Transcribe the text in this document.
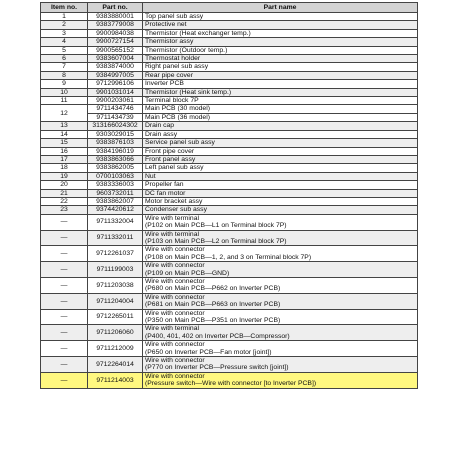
Item no.	Part no.	Part name
1	9383880001	Top panel sub assy

2	9383779008	Protective net

3	9900984038	Thermistor (Heat exchanger temp.)

4	9900727154	Thermistor assy

5	9900565152	Thermistor (Outdoor temp.)

6	9383607004	Thermostat holder

7	9383874000	Right panel sub assy

8	9384997005	Rear pipe cover

9	9712996106	Inverter PCB

10	9901031014	Thermistor (Heat sink temp.)

11	9900203061	Terminal block 7P

12	9711434746	Main PCB (30 model)
	9711434739	Main PCB (36 model)
13	313166024302	Drain cap

14	9303029015	Drain assy

15	9383876103	Service panel sub assy

16	9384196019	Front pipe cover

17	9383863066	Front panel assy

18	9383862005	Left panel sub assy

19	0700103063	Nut

20	9383336003	Propeller fan

21	9603732011	DC fan motor

22	9383862007	Motor bracket assy

23	9374420612	Condenser sub assy

—	9711332004	Wire with terminal
(P102 on Main PCB—L1 on Terminal block 7P)

—	9711332011	Wire with terminal
(P103 on Main PCB—L2 on Terminal block 7P)

—	9712261037	Wire with connector
(P108 on Main PCB—1, 2, and 3 on Terminal block 7P)

—	9711199003	Wire with connector
(P109 on Main PCB—GND)

—	9711203038	Wire with connector
(P680 on Main PCB—P662 on Inverter PCB)

—	9711204004	Wire with connector
(P681 on Main PCB—P663 on Inverter PCB)

—	9712265011	Wire with connector
(P350 on Main PCB—P351 on Inverter PCB)

—	9711206060	Wire with terminal
(P400, 401, 402 on Inverter PCB—Compressor)

—	9711212009	Wire with connector
(P650 on Inverter PCB—Fan motor [joint])

—	9712264014	Wire with connector
(P770 on Inverter PCB—Pressure switch [joint])

—	9711214003	Wire with connector
(Pressure switch—Wire with connector [to Inverter PCB])
